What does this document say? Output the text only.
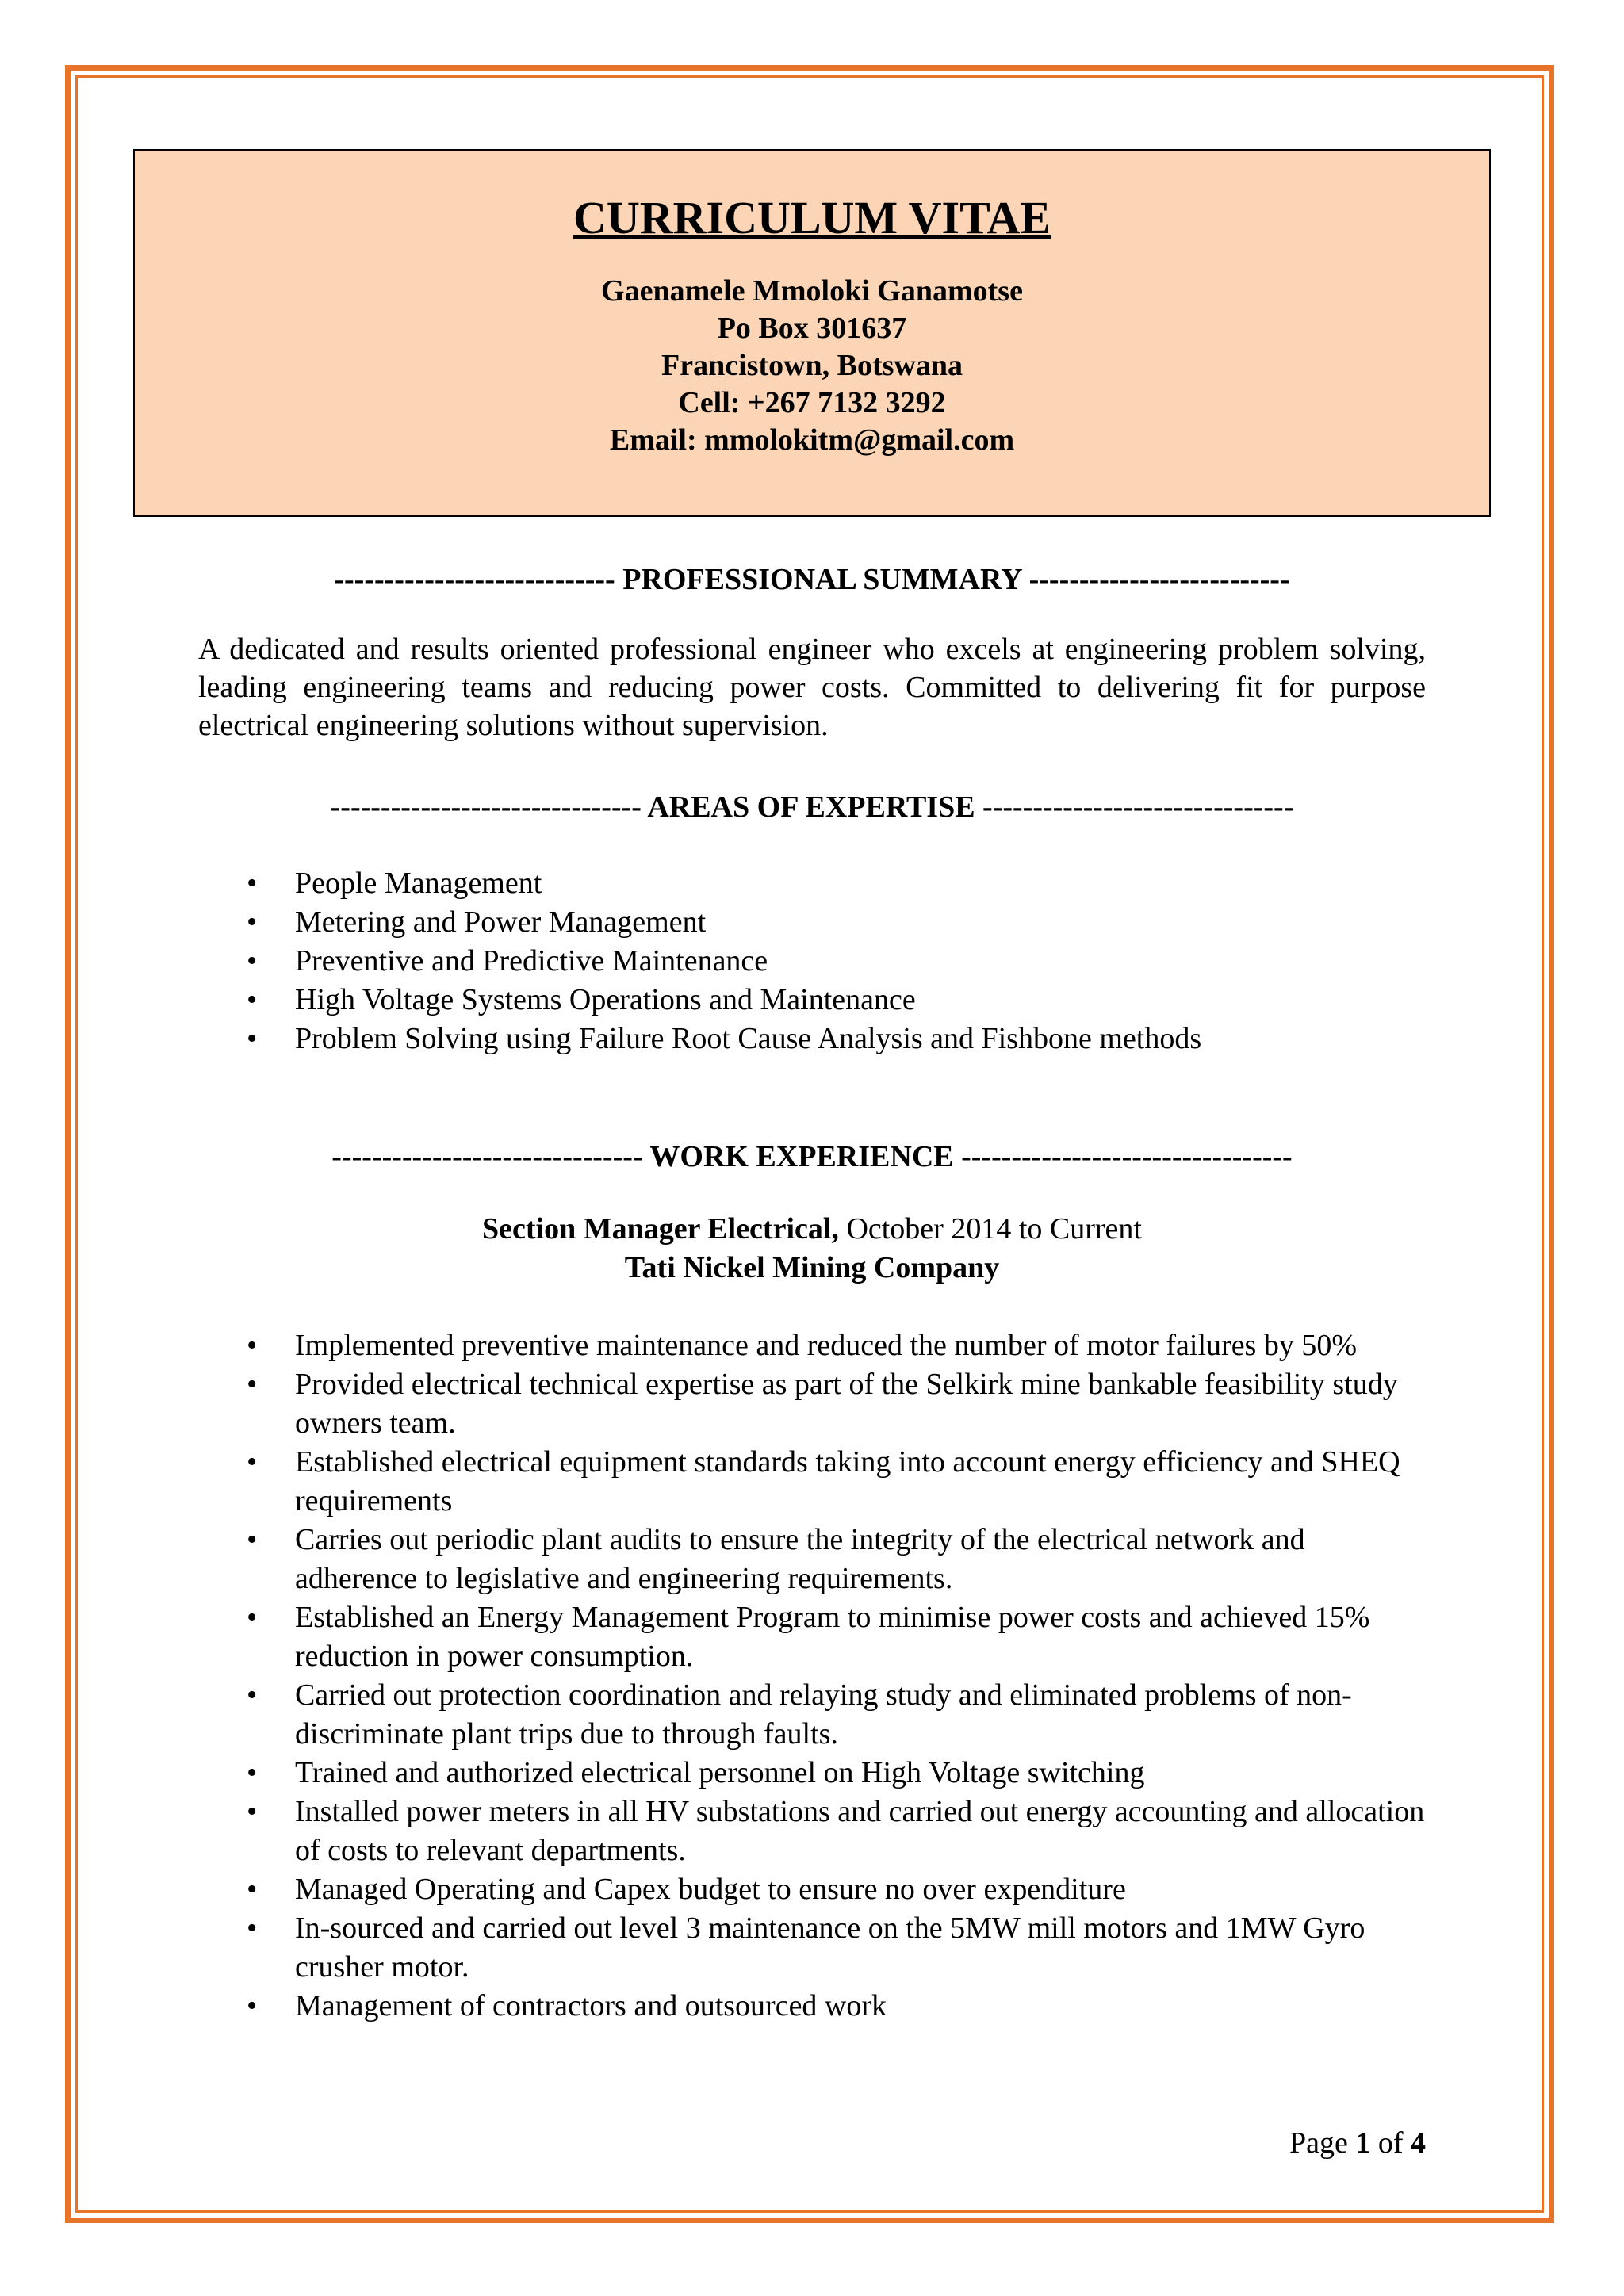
CURRICULUM VITAE
Gaenamele Mmoloki Ganamotse
Po Box 301637
Francistown, Botswana
Cell: +267 7132 3292
Email: mmolokitm@gmail.com
---------------------------- PROFESSIONAL SUMMARY --------------------------

A dedicated and results oriented professional engineer who excels at engineering problem solving, leading engineering teams and reducing power costs. Committed to delivering fit for purpose electrical engineering solutions without supervision.

------------------------------- AREAS OF EXPERTISE -------------------------------
• People Management
• Metering and Power Management
• Preventive and Predictive Maintenance
• High Voltage Systems Operations and Maintenance
• Problem Solving using Failure Root Cause Analysis and Fishbone methods
------------------------------- WORK EXPERIENCE ---------------------------------
Section Manager Electrical, October 2014 to Current
Tati Nickel Mining Company
• Implemented preventive maintenance and reduced the number of motor failures by 50%
• Provided electrical technical expertise as part of the Selkirk mine bankable feasibility study owners team.
• Established electrical equipment standards taking into account energy efficiency and SHEQ requirements
• Carries out periodic plant audits to ensure the integrity of the electrical network and adherence to legislative and engineering requirements.
• Established an Energy Management Program to minimise power costs and achieved 15% reduction in power consumption.
• Carried out protection coordination and relaying study and eliminated problems of non-discriminate plant trips due to through faults.
• Trained and authorized electrical personnel on High Voltage switching
• Installed power meters in all HV substations and carried out energy accounting and allocation of costs to relevant departments.
• Managed Operating and Capex budget to ensure no over expenditure
• In-sourced and carried out level 3 maintenance on the 5MW mill motors and 1MW Gyro crusher motor.
• Management of contractors and outsourced work
Page 1 of 4
